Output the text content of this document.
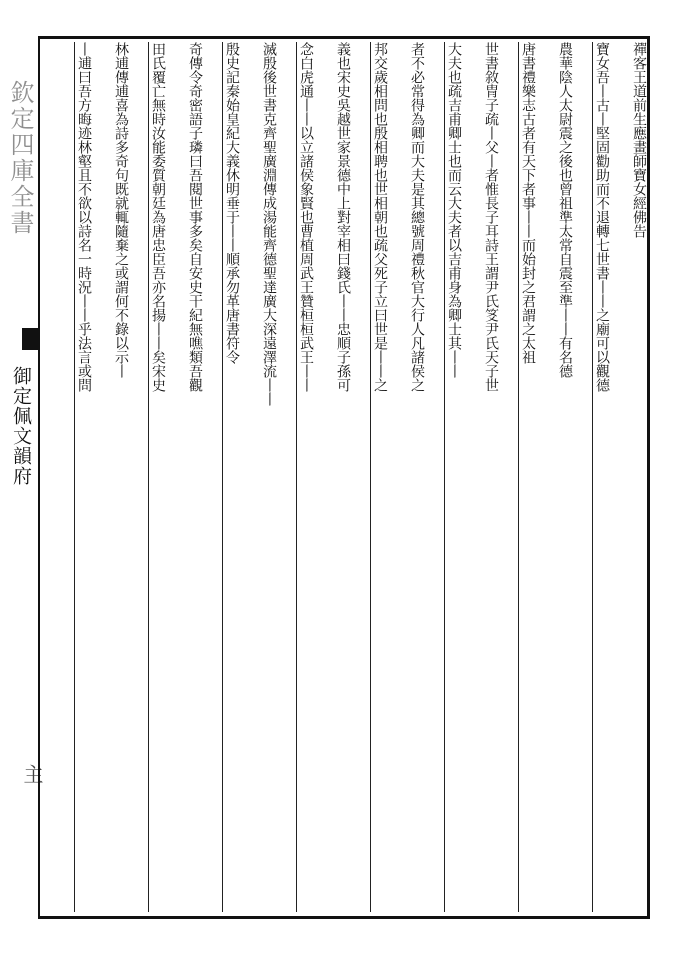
欽定四庫全書
御定佩文韻府
主
禪客王道前生應畫師寶女經佛告
寶女吾丨古丨堅固勸助而不退轉七世書丨丨之廟可以觀德
農華陰人太尉震之後也曾祖準太常自震至準丨丨有名德
唐書禮樂志古者有天下者事丨丨而始封之君謂之太祖
世書敘冑子疏丨父丨者惟長子耳詩王謂尹氏笅尹氏天子世
大夫也疏吉甫卿士也而云大夫者以吉甫身為卿士其丨丨
者不必常得為卿而大夫是其總號周禮秋官大行人凡諸侯之
邦交歲相問也殷相聘也世相朝也疏父死子立曰世是丨丨之
義也宋史吳越世家景德中上對宰相曰錢氏丨丨忠順子孫可
念白虎通丨丨以立諸侯象賢也曹植周武王贊桓桓武王丨丨
滅殷後世書克齊聖廣淵傳成湯能齊德聖達廣大深遠澤流丨丨
殷史記秦始皇紀大義休明垂于丨丨順承勿革唐書符令
奇傳令奇密語子璘曰吾閱世事多矣自安史干紀無噍類吾觀
田氏覆亡無時汝能委質朝廷為唐忠臣吾亦名揚丨丨矣宋史
林逋傳逋喜為詩多奇句既就輒隨棄之或謂何不錄以示丨
丨逋曰吾方晦迹林壑且不欲以詩名一時況丨丨乎法言或問
